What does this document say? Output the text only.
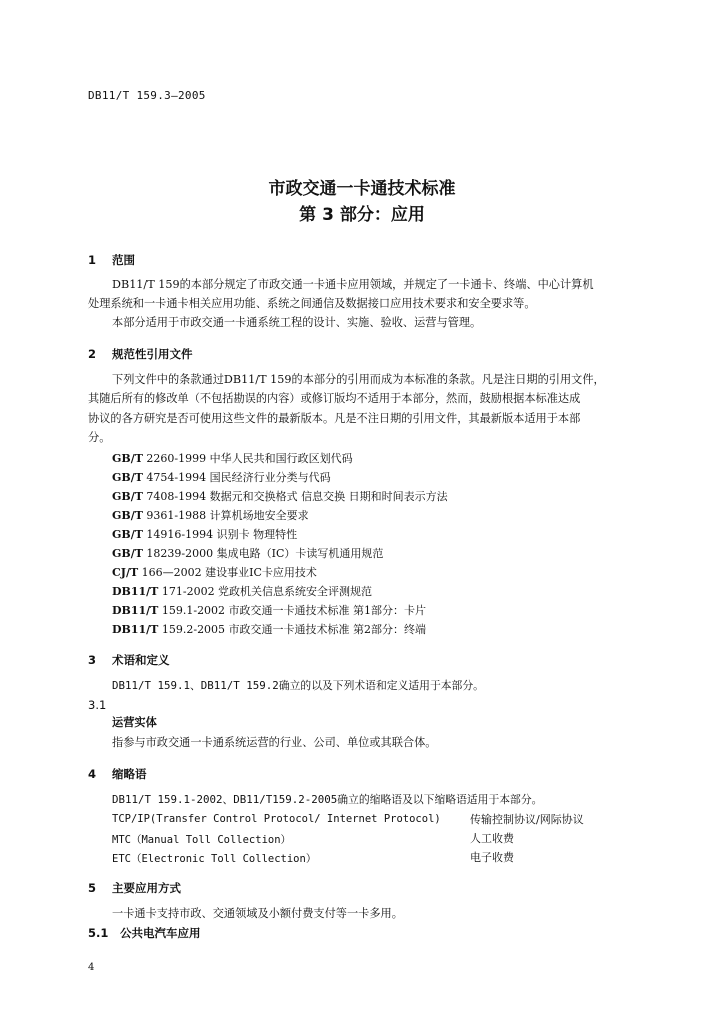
DB11/T 159.3—2005
市政交通一卡通技术标准
第 3 部分：应用
1 范围
DB11/T 159的本部分规定了市政交通一卡通卡应用领域，并规定了一卡通卡、终端、中心计算机
处理系统和一卡通卡相关应用功能、系统之间通信及数据接口应用技术要求和安全要求等。
本部分适用于市政交通一卡通系统工程的设计、实施、验收、运营与管理。
2 规范性引用文件
下列文件中的条款通过DB11/T 159的本部分的引用而成为本标准的条款。凡是注日期的引用文件，
其随后所有的修改单（不包括勘误的内容）或修订版均不适用于本部分，然而，鼓励根据本标准达成
协议的各方研究是否可使用这些文件的最新版本。凡是不注日期的引用文件，其最新版本适用于本部
分。
GB/T 2260-1999 中华人民共和国行政区划代码
GB/T 4754-1994 国民经济行业分类与代码
GB/T 7408-1994 数据元和交换格式 信息交换 日期和时间表示方法
GB/T 9361-1988 计算机场地安全要求
GB/T 14916-1994 识别卡 物理特性
GB/T 18239-2000 集成电路（IC）卡读写机通用规范
CJ/T 166—2002 建设事业IC卡应用技术
DB11/T 171-2002 党政机关信息系统安全评测规范
DB11/T 159.1-2002 市政交通一卡通技术标准 第1部分：卡片
DB11/T 159.2-2005 市政交通一卡通技术标准 第2部分：终端
3 术语和定义
DB11/T 159.1、DB11/T 159.2确立的以及下列术语和定义适用于本部分。
3.1
运营实体
指参与市政交通一卡通系统运营的行业、公司、单位或其联合体。
4 缩略语
DB11/T 159.1-2002、DB11/T159.2-2005确立的缩略语及以下缩略语适用于本部分。
TCP/IP(Transfer Control Protocol/ Internet Protocol)	传输控制协议/网际协议
MTC（Manual Toll Collection）	人工收费
ETC（Electronic Toll Collection）	电子收费
5 主要应用方式
一卡通卡支持市政、交通领域及小额付费支付等一卡多用。
5.1 公共电汽车应用
4
